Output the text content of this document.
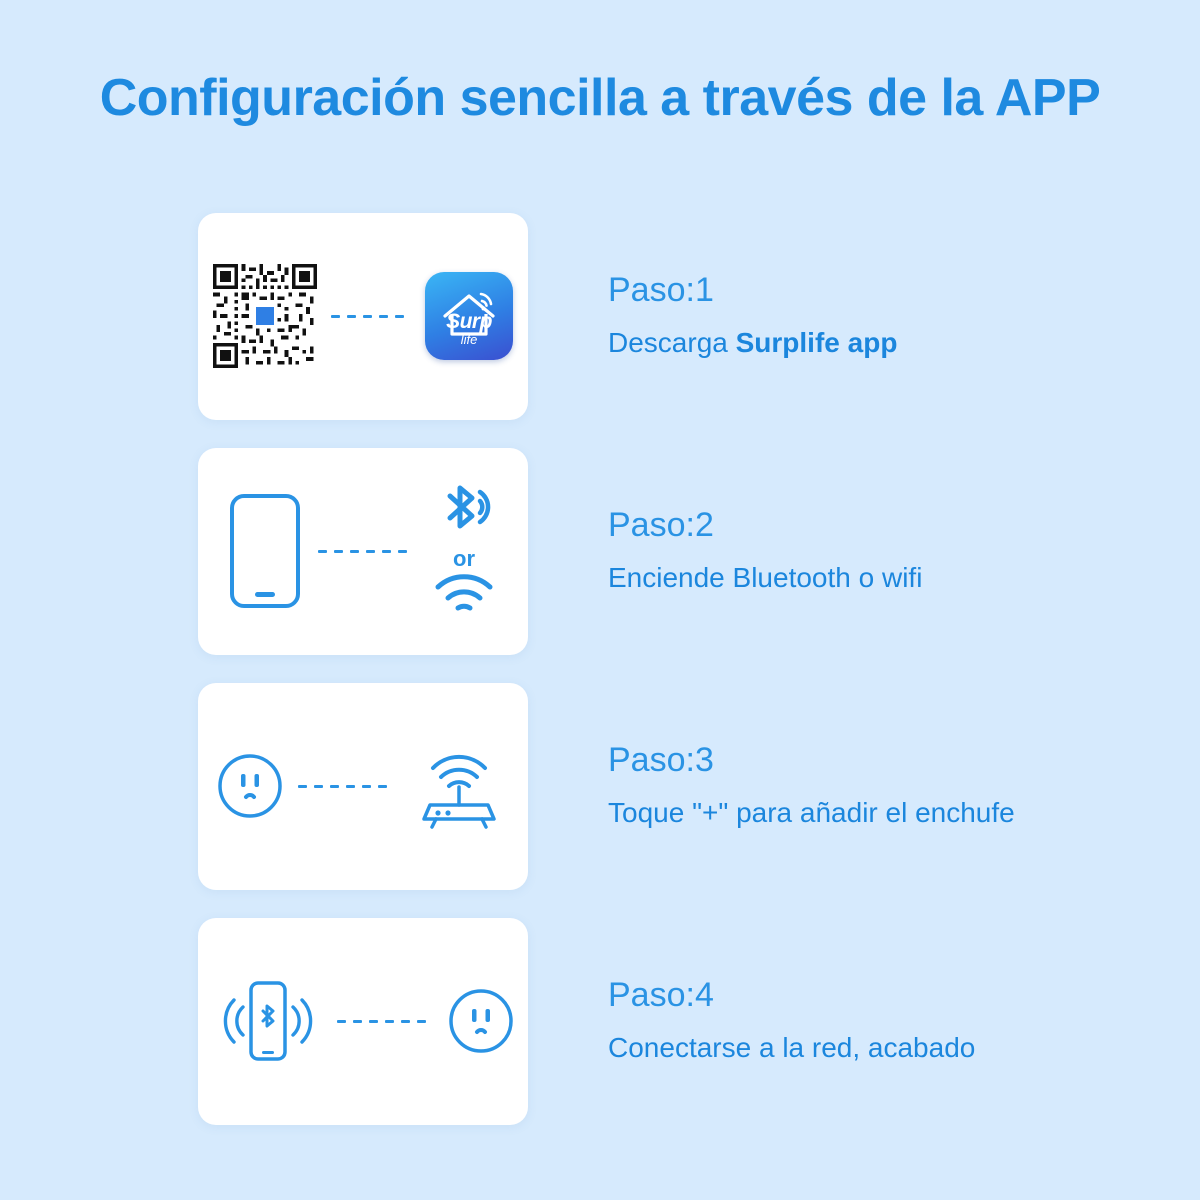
Configuración sencilla a través de la APP
Surp
life
Paso:1
Descarga Surplife app
or
Paso:2
Enciende Bluetooth o wifi
Paso:3
Toque "+" para añadir el enchufe
Paso:4
Conectarse a la red, acabado
